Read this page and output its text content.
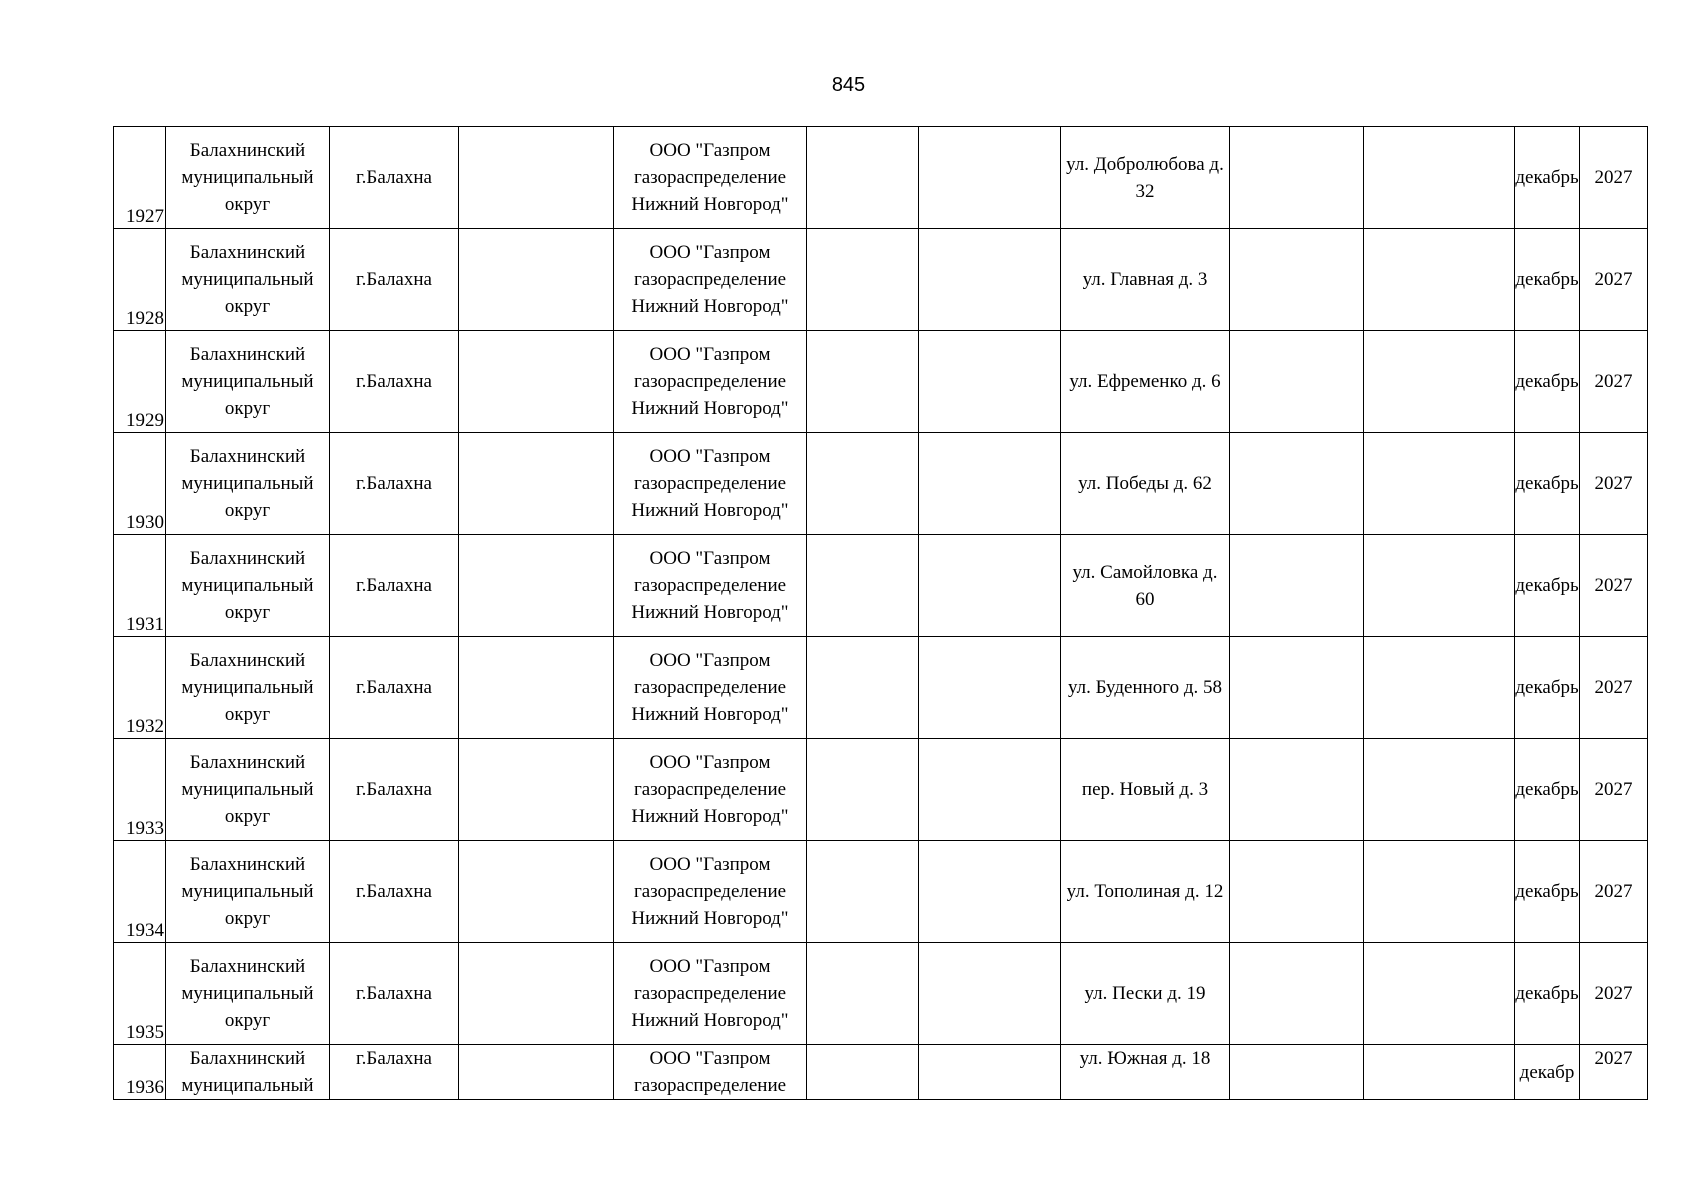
845
1927	Балахнинский муниципальный округ	г.Балахна		ООО "Газпром газораспределение Нижний Новгород"			ул. Добролюбова д. 32			декабрь	2027

1928	Балахнинский муниципальный округ	г.Балахна		ООО "Газпром газораспределение Нижний Новгород"			ул. Главная д. 3			декабрь	2027

1929	Балахнинский муниципальный округ	г.Балахна		ООО "Газпром газораспределение Нижний Новгород"			ул. Ефременко д. 6			декабрь	2027

1930	Балахнинский муниципальный округ	г.Балахна		ООО "Газпром газораспределение Нижний Новгород"			ул. Победы д. 62			декабрь	2027

1931	Балахнинский муниципальный округ	г.Балахна		ООО "Газпром газораспределение Нижний Новгород"			ул. Самойловка д. 60			декабрь	2027

1932	Балахнинский муниципальный округ	г.Балахна		ООО "Газпром газораспределение Нижний Новгород"			ул. Буденного д. 58			декабрь	2027

1933	Балахнинский муниципальный округ	г.Балахна		ООО "Газпром газораспределение Нижний Новгород"			пер. Новый д. 3			декабрь	2027

1934	Балахнинский муниципальный округ	г.Балахна		ООО "Газпром газораспределение Нижний Новгород"			ул. Тополиная д. 12			декабрь	2027

1935	Балахнинский муниципальный округ	г.Балахна		ООО "Газпром газораспределение Нижний Новгород"			ул. Пески д. 19			декабрь	2027

1936	Балахнинский муниципальный	г.Балахна		ООО "Газпром газораспределение			ул. Южная д. 18			декабр	2027
